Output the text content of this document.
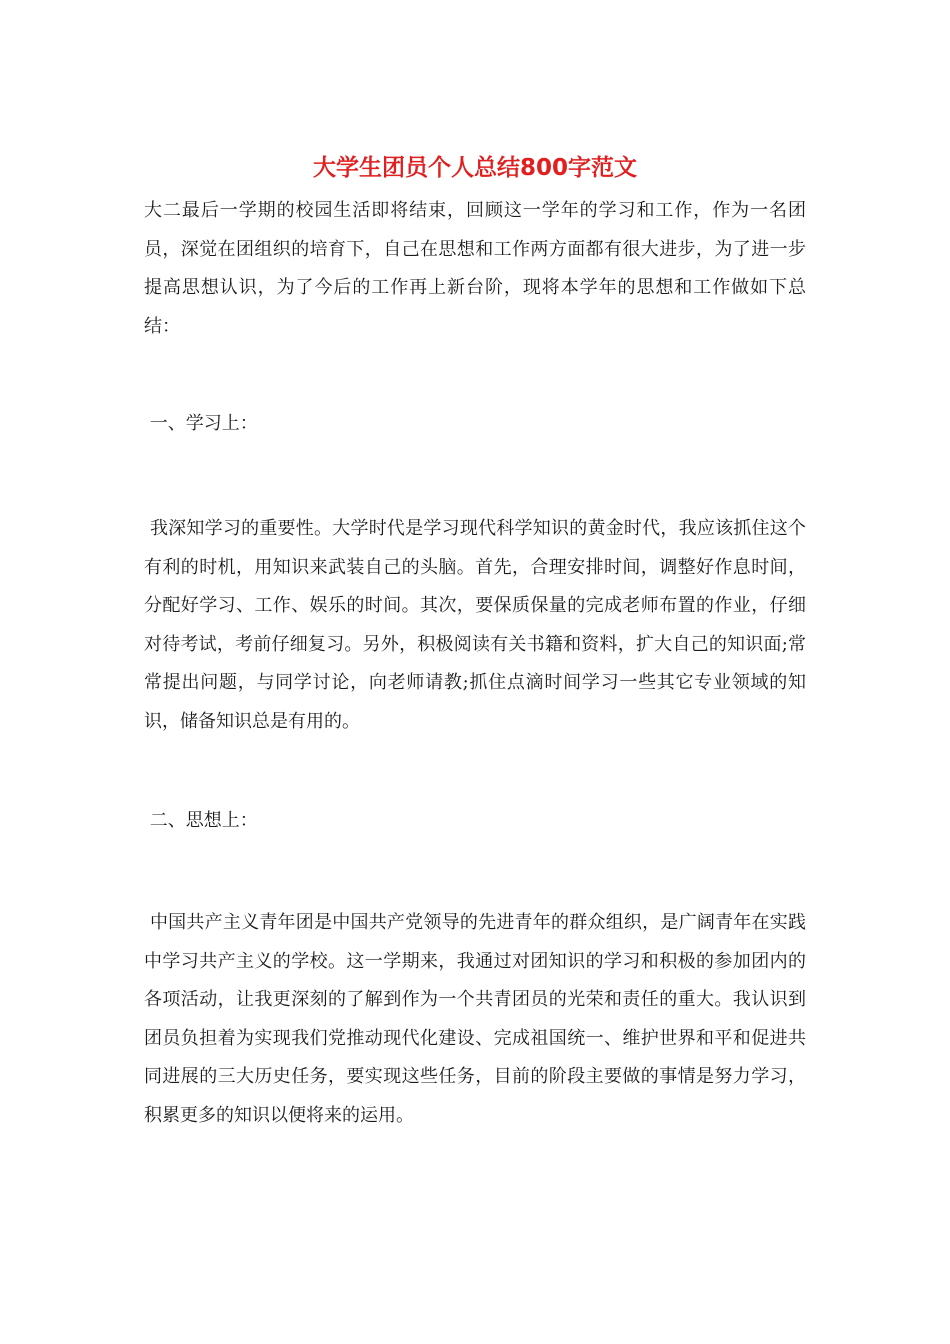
大学生团员个人总结800字范文

大二最后一学期的校园生活即将结束，回顾这一学年的学习和工作，作为一名团员，深觉在团组织的培育下，自己在思想和工作两方面都有很大进步，为了进一步提高思想认识，为了今后的工作再上新台阶，现将本学年的思想和工作做如下总结：

一、学习上：

我深知学习的重要性。大学时代是学习现代科学知识的黄金时代，我应该抓住这个有利的时机，用知识来武装自己的头脑。首先，合理安排时间，调整好作息时间，分配好学习、工作、娱乐的时间。其次，要保质保量的完成老师布置的作业，仔细对待考试，考前仔细复习。另外，积极阅读有关书籍和资料，扩大自己的知识面;常常提出问题，与同学讨论，向老师请教;抓住点滴时间学习一些其它专业领域的知识，储备知识总是有用的。

二、思想上：

中国共产主义青年团是中国共产党领导的先进青年的群众组织，是广阔青年在实践中学习共产主义的学校。这一学期来，我通过对团知识的学习和积极的参加团内的各项活动，让我更深刻的了解到作为一个共青团员的光荣和责任的重大。我认识到团员负担着为实现我们党推动现代化建设、完成祖国统一、维护世界和平和促进共同进展的三大历史任务，要实现这些任务，目前的阶段主要做的事情是努力学习，积累更多的知识以便将来的运用。
